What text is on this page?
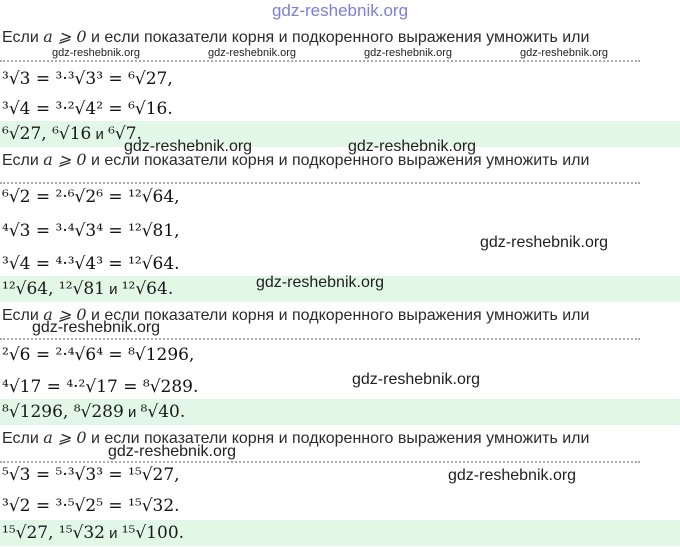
gdz-reshebnik.org
Если a ⩾ 0 и если показатели корня и подкоренного выражения умножить или
³√3 = ³·³√3³ = ⁶√27,
³√4 = ³·²√4² = ⁶√16.
⁶√27, ⁶√16 и ⁶√7.
Если a ⩾ 0 и если показатели корня и подкоренного выражения умножить или
⁶√2 = ²·⁶√2⁶ = ¹²√64,
⁴√3 = ³·⁴√3⁴ = ¹²√81,
³√4 = ⁴·³√4³ = ¹²√64.
¹²√64, ¹²√81 и ¹²√64.
Если a ⩾ 0 и если показатели корня и подкоренного выражения умножить или
²√6 = ²·⁴√6⁴ = ⁸√1296,
⁴√17 = ⁴·²√17 = ⁸√289.
⁸√1296, ⁸√289 и ⁸√40.
Если a ⩾ 0 и если показатели корня и подкоренного выражения умножить или
⁵√3 = ⁵·³√3³ = ¹⁵√27,
³√2 = ³·⁵√2⁵ = ¹⁵√32.
¹⁵√27, ¹⁵√32 и ¹⁵√100.
gdz-reshebnik.org	gdz-reshebnik.org	gdz-reshebnik.org	gdz-reshebnik.org
gdz-reshebnik.org	gdz-reshebnik.org
gdz-reshebnik.org
gdz-reshebnik.org
gdz-reshebnik.org
gdz-reshebnik.org
gdz-reshebnik.org
gdz-reshebnik.org
